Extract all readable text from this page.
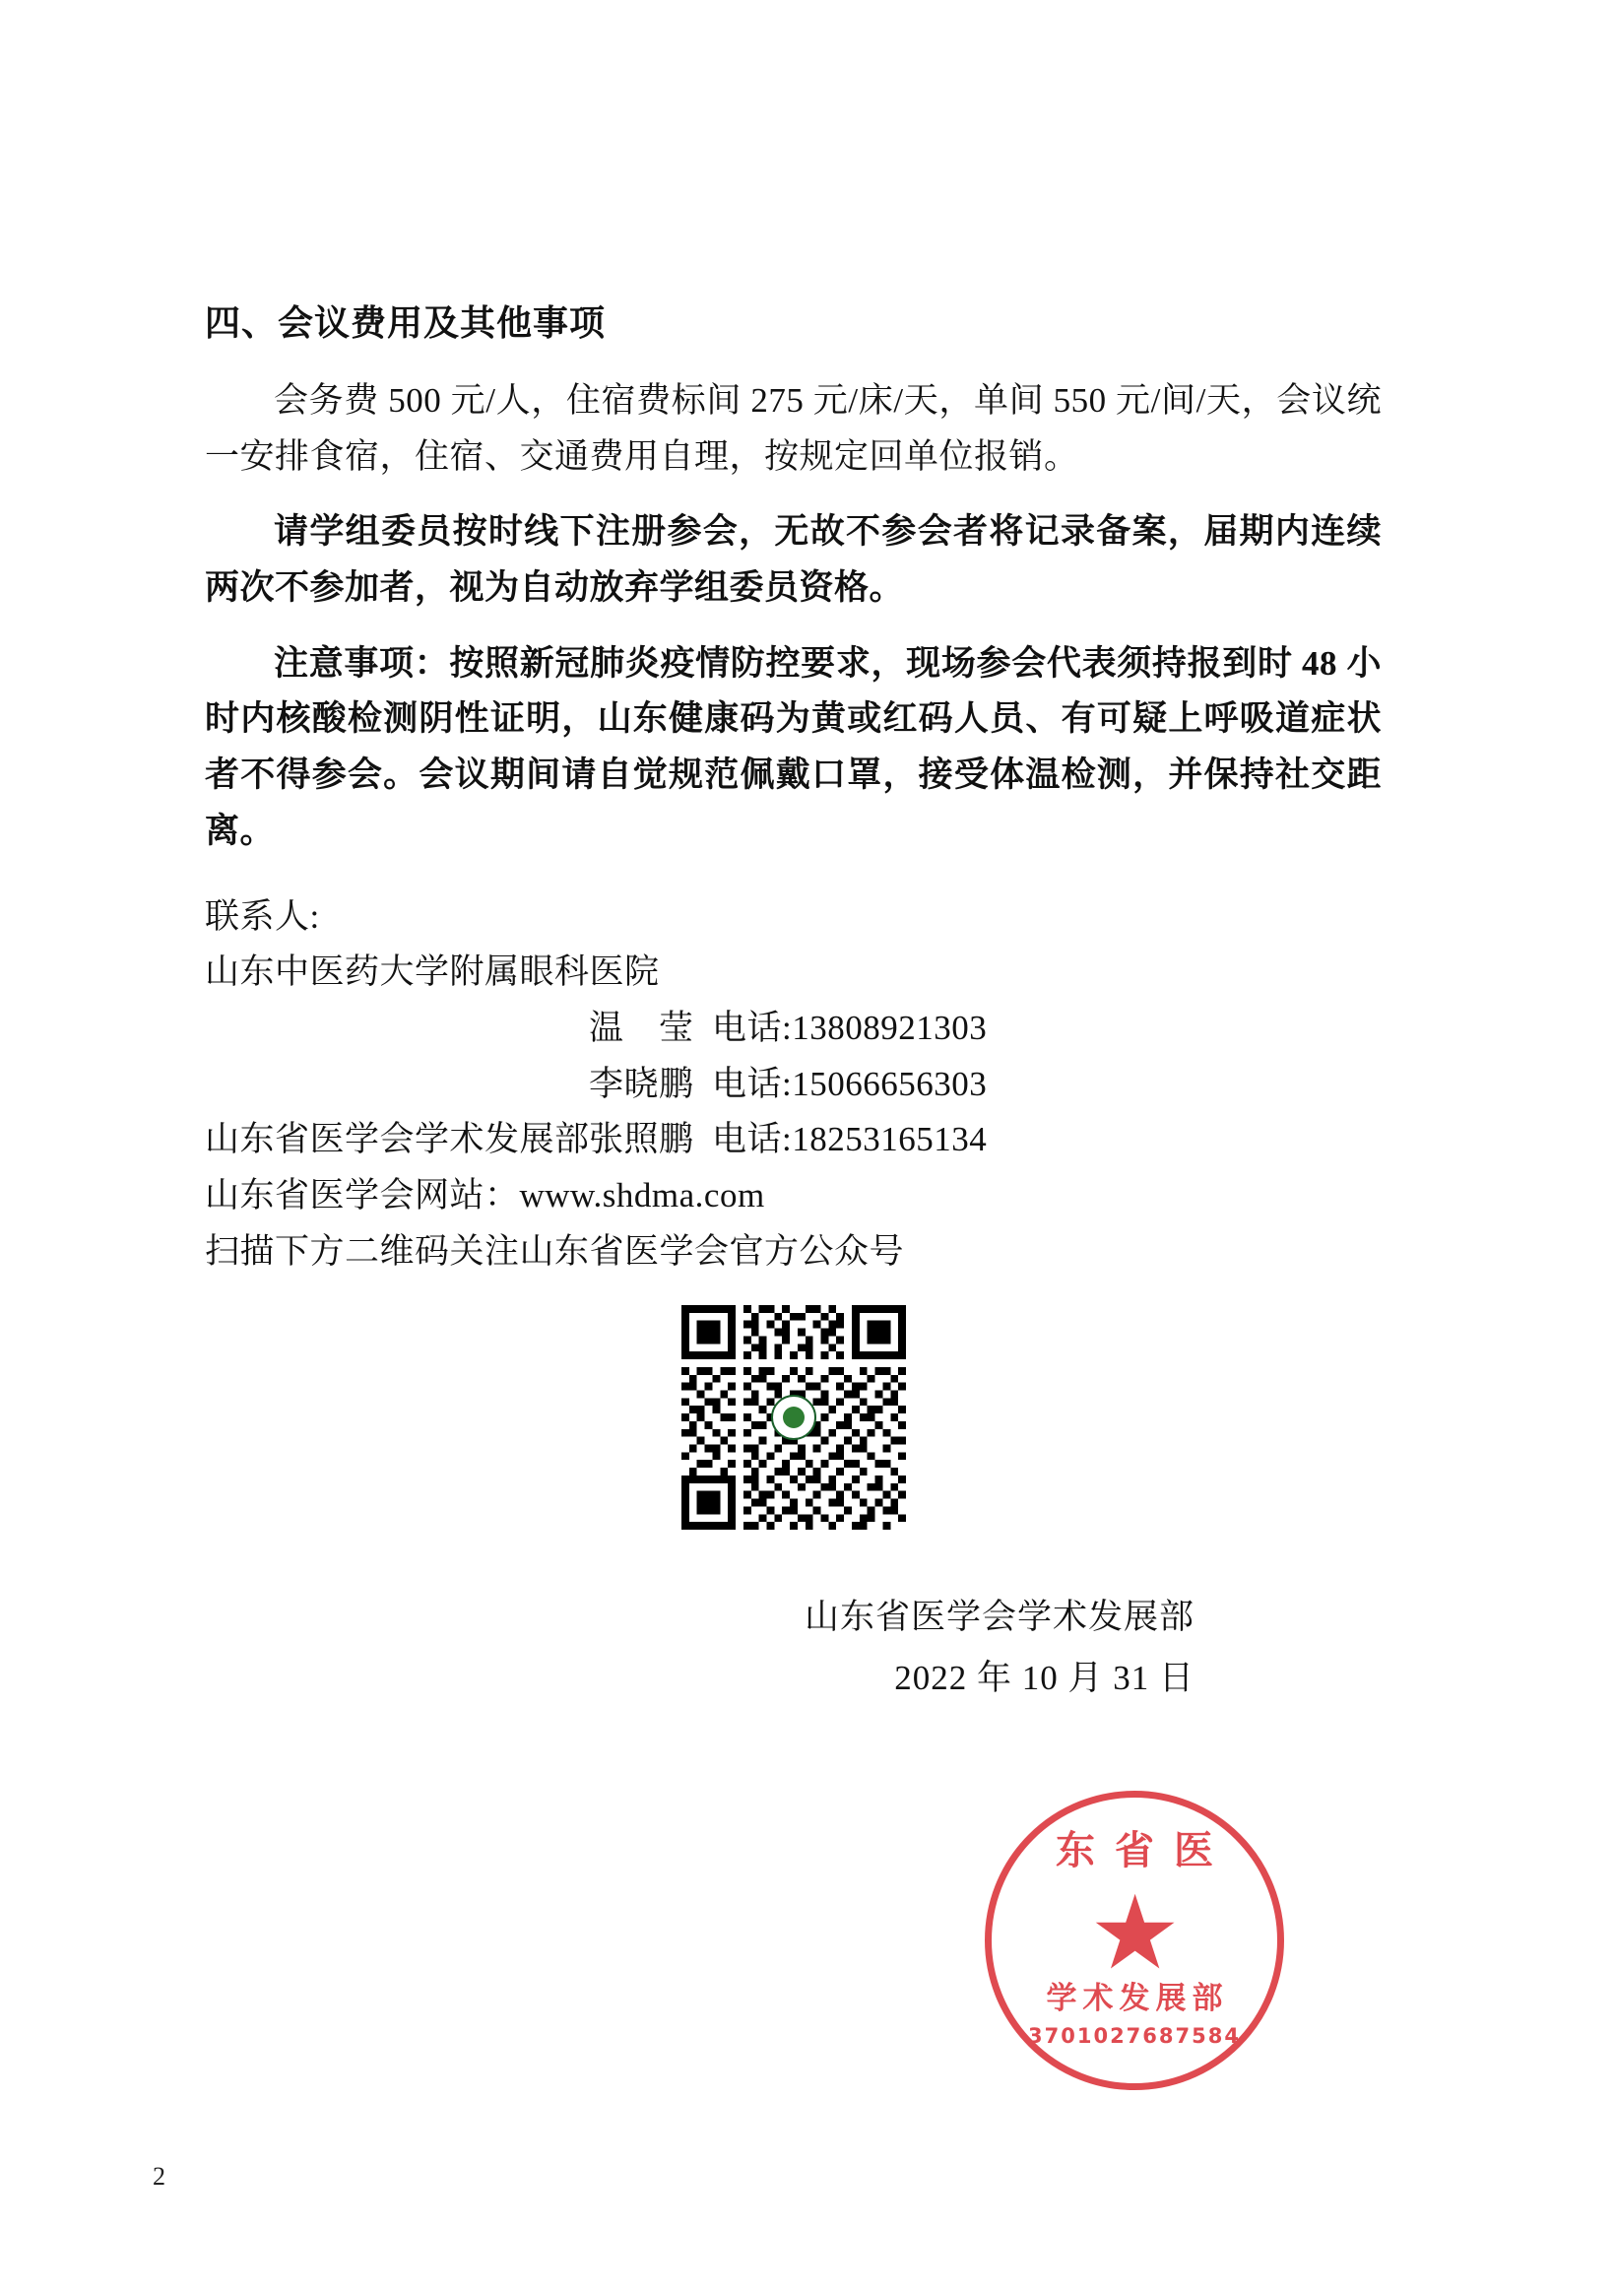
四、会议费用及其他事项

会务费 500 元/人，住宿费标间 275 元/床/天，单间 550 元/间/天，会议统一安排食宿，住宿、交通费用自理，按规定回单位报销。

请学组委员按时线下注册参会，无故不参会者将记录备案，届期内连续两次不参加者，视为自动放弃学组委员资格。

注意事项：按照新冠肺炎疫情防控要求，现场参会代表须持报到时 48 小时内核酸检测阴性证明，山东健康码为黄或红码人员、有可疑上呼吸道症状者不得参会。会议期间请自觉规范佩戴口罩，接受体温检测，并保持社交距离。

联系人:
山东中医药大学附属眼科医院
温　莹  电话:13808921303
李晓鹏  电话:15066656303
山东省医学会学术发展部 张照鹏  电话:18253165134
山东省医学会网站：www.shdma.com
扫描下方二维码关注山东省医学会官方公众号
山东省医学会学术发展部
2022 年 10 月 31 日
东省医
★
学术发展部
3701027687584
2
